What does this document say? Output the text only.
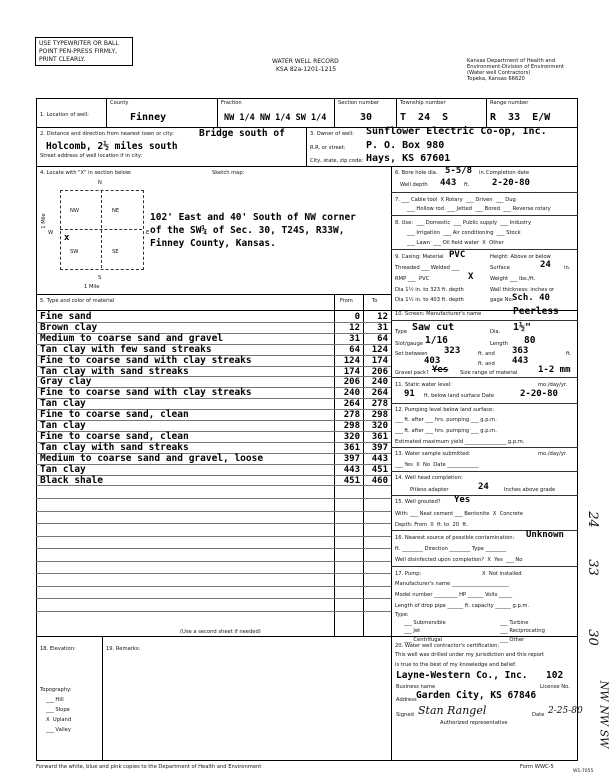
USE TYPEWRITER OR BALL
POINT PEN-PRESS FIRMLY,
PRINT CLEARLY.	WATER WELL RECORD
KSA 82a-1201-1215
Kansas Department of Health and
Environment-Division of Environment
(Water well Contractors)
Topeka, Kansas 66620
1. Location of well:
County
Finney
Fraction
NW 1/4 NW 1/4 SW 1/4
Section number
30
Township number
T  24  S
Range number
R  33  E/W
2. Distance and direction from nearest town or city:	Bridge south of
Holcomb, 2½ miles south
Street address of well location if in city:
3. Owner of well: Sunflower Electric Co-op, Inc.
R.R. or street: P. O. Box 980
City, state, zip code: Hays, KS 67601
4. Locate with "X" in section below:	Sketch map:
N
S
W	E
1 Mile
1 Mile
NW	NE
SW	SE
x
102' East and 40' South of NW corner
of the SW¼ of Sec. 30, T24S, R33W,
Finney County, Kansas.
6. Bore hole dia. 5-5/8 in. Completion date
Well depth 443 ft.	2-20-80
7. ___ Cable tool  X Rotary  ___ Driven  ___ Dug
___ Hollow rod  ___ Jetted  ___ Bored  ___ Reverse rotary
8. Use:  ___ Domestic  ___ Public supply  ___ Industry
___ Irrigation  ___ Air conditioning  ___ Stock
___ Lawn  ___ Oil field water  X  Other
9. Casing: Material PVC	Height: Above or below
Threaded ___ Welded ___	Surface	24	in.
RMP ___  PVC	X	Weight ___ lbs./ft.
Dia 1½ in. to 323 ft. depth	Wall thickness: inches or
Dia 1½ in. to 403 ft. depth	gage No.
Sch. 40
5. Type and color of material	From	To
Fine sand	0	12
Brown clay	12	31
Medium to coarse sand and gravel	31	64
Tan clay with few sand streaks	64	124
Fine to coarse sand with clay streaks	124	174
Tan clay with sand streaks	174	206
Gray clay	206	240
Fine to coarse sand with clay streaks	240	264
Tan clay	264	278
Fine to coarse sand, clean	278	298
Tan clay	298	320
Fine to coarse sand, clean	320	361
Tan clay with sand streaks	361	397
Medium to coarse sand and gravel, loose	397	443
Tan clay	443	451
Black shale	451	460
(Use a second sheet if needed)
10. Screen: Manufacturer's name	Peerless
Type Saw cut	Dia. 1½"
Slot/gauge 1/16	Length 80
Set between 323	ft. and 363	ft.
403	ft. and 443
Gravel pack? Yes Size range of material 1-2 mm
11. Static water level:	mo./day/yr.
91 ft. below land surface Date	2-20-80
12. Pumping level below land surface:
___ ft. after ___ hrs. pumping ___ g.p.m.
___ ft. after ___ hrs. pumping ___ g.p.m.
Estimated maximum yield ________________ g.p.m.
13. Water sample submitted:	mo./day/yr.
___ Yes  X  No  Date ____________
14. Well head completion:
Pitless adapter	24	Inches above grade
15. Well grouted? Yes
With: ___ Neat cement ___ Bentonite  X  Concrete
Depth: From  0  ft. to  20  ft.
16. Nearest source of possible contamination: Unknown
ft. ________ Direction ________ Type ________
Well disinfected upon completion?  X  Yes  ___ No
17. Pump:	X  Not installed
Manufacturer's name ______________________
Model number _________ HP ______ Volts _____
Length of drop pipe ______ ft. capacity ______ g.p.m.
Type:
___ Submersible	___ Turbine
___ Jet	___ Reciprocating
___ Centrifugal	___ Other
18. Elevation:
Topography:
___ Hill
___ Slope
X  Upland
___ Valley
19. Remarks:	20. Water well contractor's certification:
This well was drilled under my jurisdiction and this report
is true to the best of my knowledge and belief.
Layne-Western Co., Inc. 102
Business name	License No.
Address Garden City, KS 67846
Signed Stan Rangel	Date 2-25-80
Authorized representative
Forward the white, blue and pink copies to the Department of Health and Environment	Form WWC-5
W1-7055
24
33
30
NW NW SW
